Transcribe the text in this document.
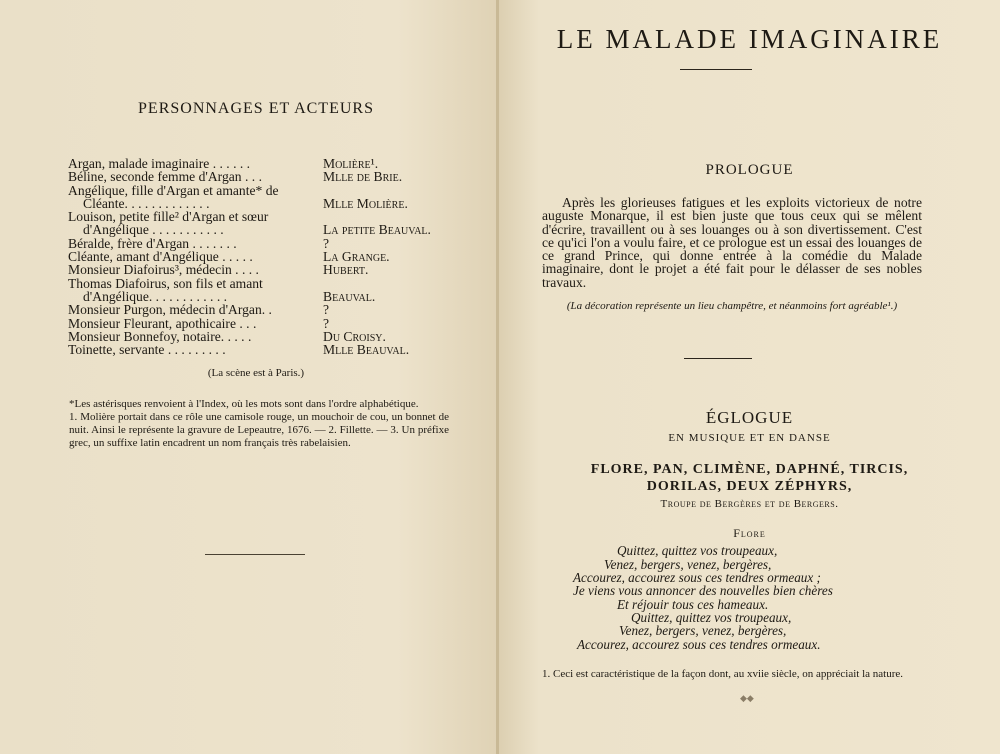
PERSONNAGES ET ACTEURS
Argan, malade imaginaire . . . . . .	Molière¹.
Béline, seconde femme d'Argan . . .	Mlle de Brie.
Angélique, fille d'Argan et amante* de
Cléante. . . . . . . . . . . . .	Mlle Molière.
Louison, petite fille² d'Argan et sœur
d'Angélique . . . . . . . . . . .	La petite Beauval.
Béralde, frère d'Argan . . . . . . .	?
Cléante, amant d'Angélique . . . . .	La Grange.
Monsieur Diafoirus³, médecin . . . .	Hubert.
Thomas Diafoirus, son fils et amant
d'Angélique. . . . . . . . . . . .	Beauval.
Monsieur Purgon, médecin d'Argan. .	?
Monsieur Fleurant, apothicaire . . .	?
Monsieur Bonnefoy, notaire. . . . .	Du Croisy.
Toinette, servante . . . . . . . . .	Mlle Beauval.
(La scène est à Paris.)
*Les astérisques renvoient à l'Index, où les mots sont dans l'ordre alphabétique.
1. Molière portait dans ce rôle une camisole rouge, un mouchoir de cou, un bonnet de nuit. Ainsi le représente la gravure de Lepeautre, 1676. — 2. Fillette. — 3. Un préfixe grec, un suffixe latin encadrent un nom français très rabelaisien.
LE MALADE IMAGINAIRE
PROLOGUE
Après les glorieuses fatigues et les exploits victorieux de notre auguste Monarque, il est bien juste que tous ceux qui se mêlent d'écrire, travaillent ou à ses louanges ou à son divertissement. C'est ce qu'ici l'on a voulu faire, et ce prologue est un essai des louanges de ce grand Prince, qui donne entrée à la comédie du Malade imaginaire, dont le projet a été fait pour le délasser de ses nobles travaux.
(La décoration représente un lieu champêtre, et néanmoins fort agréable¹.)
ÉGLOGUE
EN MUSIQUE ET EN DANSE
FLORE, PAN, CLIMÈNE, DAPHNÉ, TIRCIS,
DORILAS, DEUX ZÉPHYRS,
Troupe de Bergères et de Bergers.
Flore
Quittez, quittez vos troupeaux,
Venez, bergers, venez, bergères,
Accourez, accourez sous ces tendres ormeaux ;
Je viens vous annoncer des nouvelles bien chères
Et réjouir tous ces hameaux.
Quittez, quittez vos troupeaux,
Venez, bergers, venez, bergères,
Accourez, accourez sous ces tendres ormeaux.
1. Ceci est caractéristique de la façon dont, au xviie siècle, on appréciait la nature.
◆◆
